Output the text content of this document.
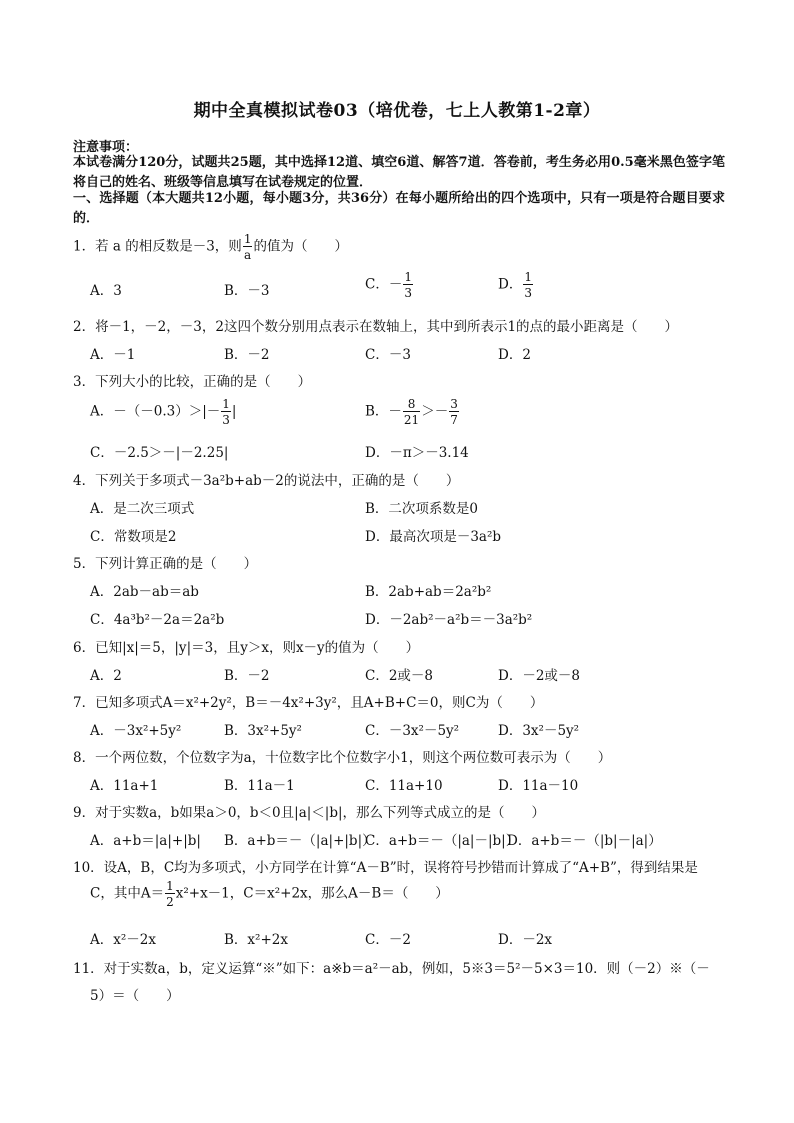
期中全真模拟试卷03（培优卷，七上人教第1-2章）
注意事项：
本试卷满分120分，试题共25题，其中选择12道、填空6道、解答7道．答卷前，考生务必用0.5毫米黑色签字笔将自己的姓名、班级等信息填写在试卷规定的位置．
一、选择题（本大题共12小题，每小题3分，共36分）在每小题所给出的四个选项中，只有一项是符合题目要求的．
1．若 a 的相反数是－3，则 $\frac{1}{a}$ 的值为（　　）
A．3	B．－3	C．－ $\frac{1}{3}$	D． $\frac{1}{3}$
2．将－1，－2，－3，2这四个数分别用点表示在数轴上，其中到所表示1的点的最小距离是（　　）
A．－1	B．－2	C．－3	D．2
3．下列大小的比较，正确的是（　　）
A．$-(-0.3)>|- \frac{1}{3}$ |	B．－ $\frac{8}{21} >- \frac{3}{7}$
C．－2.5＞－|－2.25|	D．－π＞－3.14
4．下列关于多项式－3a²b+ab－2的说法中，正确的是（　　）
A．是二次三项式	B．二次项系数是0
C．常数项是2	D．最高次项是－3a²b
5．下列计算正确的是（　　）
A．2ab－ab＝ab	B．2ab+ab＝2a²b²
C．4a³b²－2a＝2a²b	D．－2ab²－a²b＝－3a²b²
6．已知|x|＝5，|y|＝3，且y＞x，则x－y的值为（　　）
A．2	B．－2	C．2或－8	D．－2或－8
7．已知多项式A＝x²+2y²，B＝－4x²+3y²，且A+B+C＝0，则C为（　　）
A．－3x²+5y²	B．3x²+5y²	C．－3x²－5y²	D．3x²－5y²
8．一个两位数，个位数字为a，十位数字比个位数字小1，则这个两位数可表示为（　　）
A．11a+1	B．11a－1	C．11a+10	D．11a－10
9．对于实数a，b如果a＞0，b＜0且|a|＜|b|，那么下列等式成立的是（　　）
A．a+b＝|a|+|b| B．a+b＝－（|a|+|b|）
C．a+b＝－（|a|－|b|）
D．a+b＝－（|b|－|a|）
10．设A，B，C均为多项式，小方同学在计算“A－B”时，误将符号抄错而计算成了“A+B”，得到结果是
C，其中$A= \frac{1}{2} x^2+x-1$，C＝x²+2x，那么A－B＝（　　）
A．x²－2x	B．x²+2x	C．－2	D．－2x
11．对于实数a，b，定义运算“※”如下：a※b＝a²－ab，例如，5※3＝5²－5×3＝10．则（－2）※（－
5）＝（　　）
